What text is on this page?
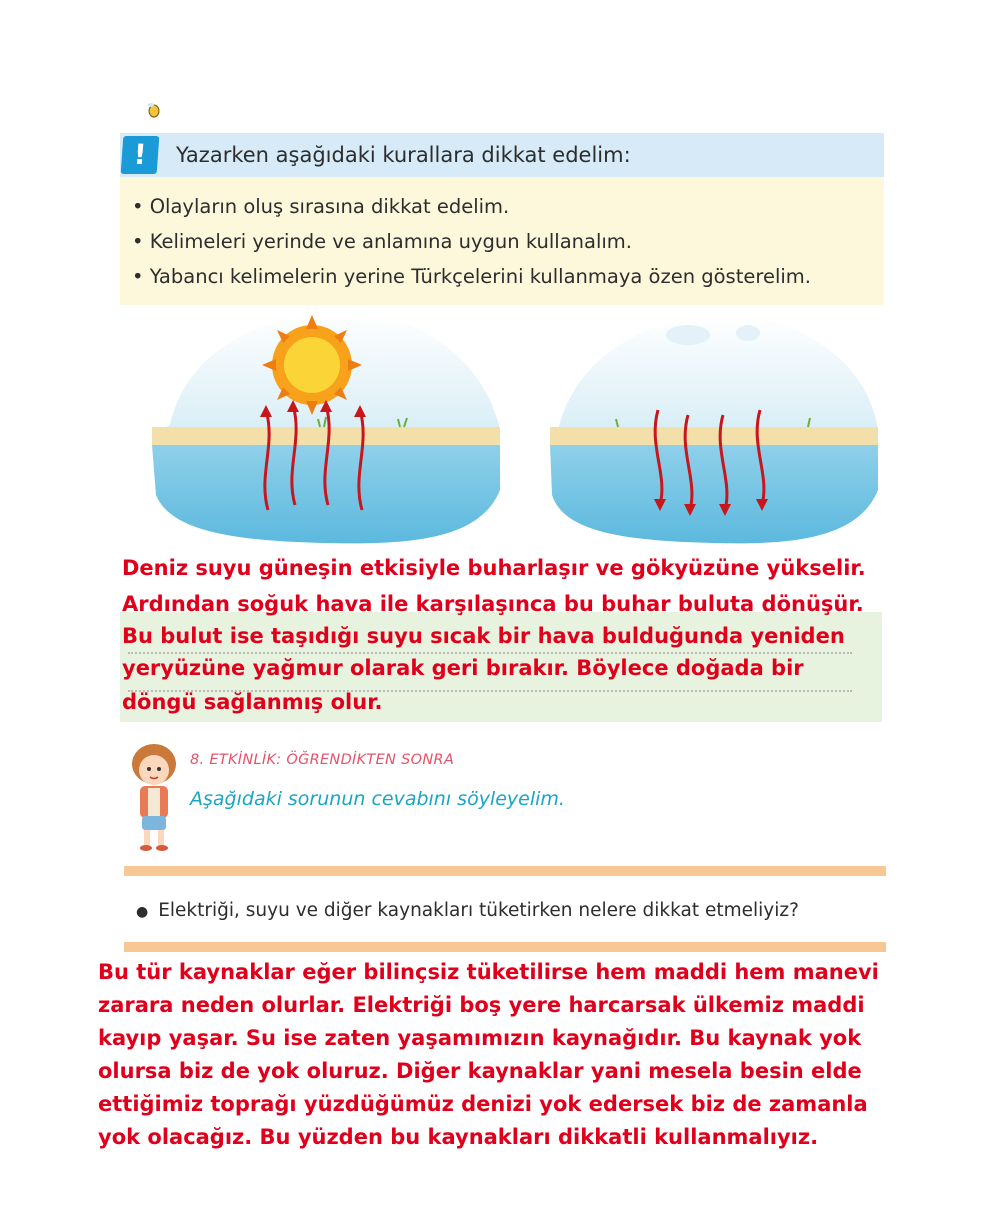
!	Yazarken aşağıdaki kurallara dikkat edelim:
• Olayların oluş sırasına dikkat edelim.
• Kelimeleri yerinde ve anlamına uygun kullanalım.
• Yabancı kelimelerin yerine Türkçelerini kullanmaya özen gösterelim.
Deniz suyu güneşin etkisiyle buharlaşır ve gökyüzüne yükselir.
Ardından soğuk hava ile karşılaşınca bu buhar buluta dönüşür.
Bu bulut ise taşıdığı suyu sıcak bir hava bulduğunda yeniden
yeryüzüne yağmur olarak geri bırakır. Böylece doğada bir
döngü sağlanmış olur.
8. ETKİNLİK: ÖĞRENDİKTEN SONRA
Aşağıdaki sorunun cevabını söyleyelim.
● Elektriği, suyu ve diğer kaynakları tüketirken nelere dikkat etmeliyiz?
Bu tür kaynaklar eğer bilinçsiz tüketilirse hem maddi hem manevi
zarara neden olurlar. Elektriği boş yere harcarsak ülkemiz maddi
kayıp yaşar. Su ise zaten yaşamımızın kaynağıdır. Bu kaynak yok
olursa biz de yok oluruz. Diğer kaynaklar yani mesela besin elde
ettiğimiz toprağı yüzdüğümüz denizi yok edersek biz de zamanla
yok olacağız. Bu yüzden bu kaynakları dikkatli kullanmalıyız.
